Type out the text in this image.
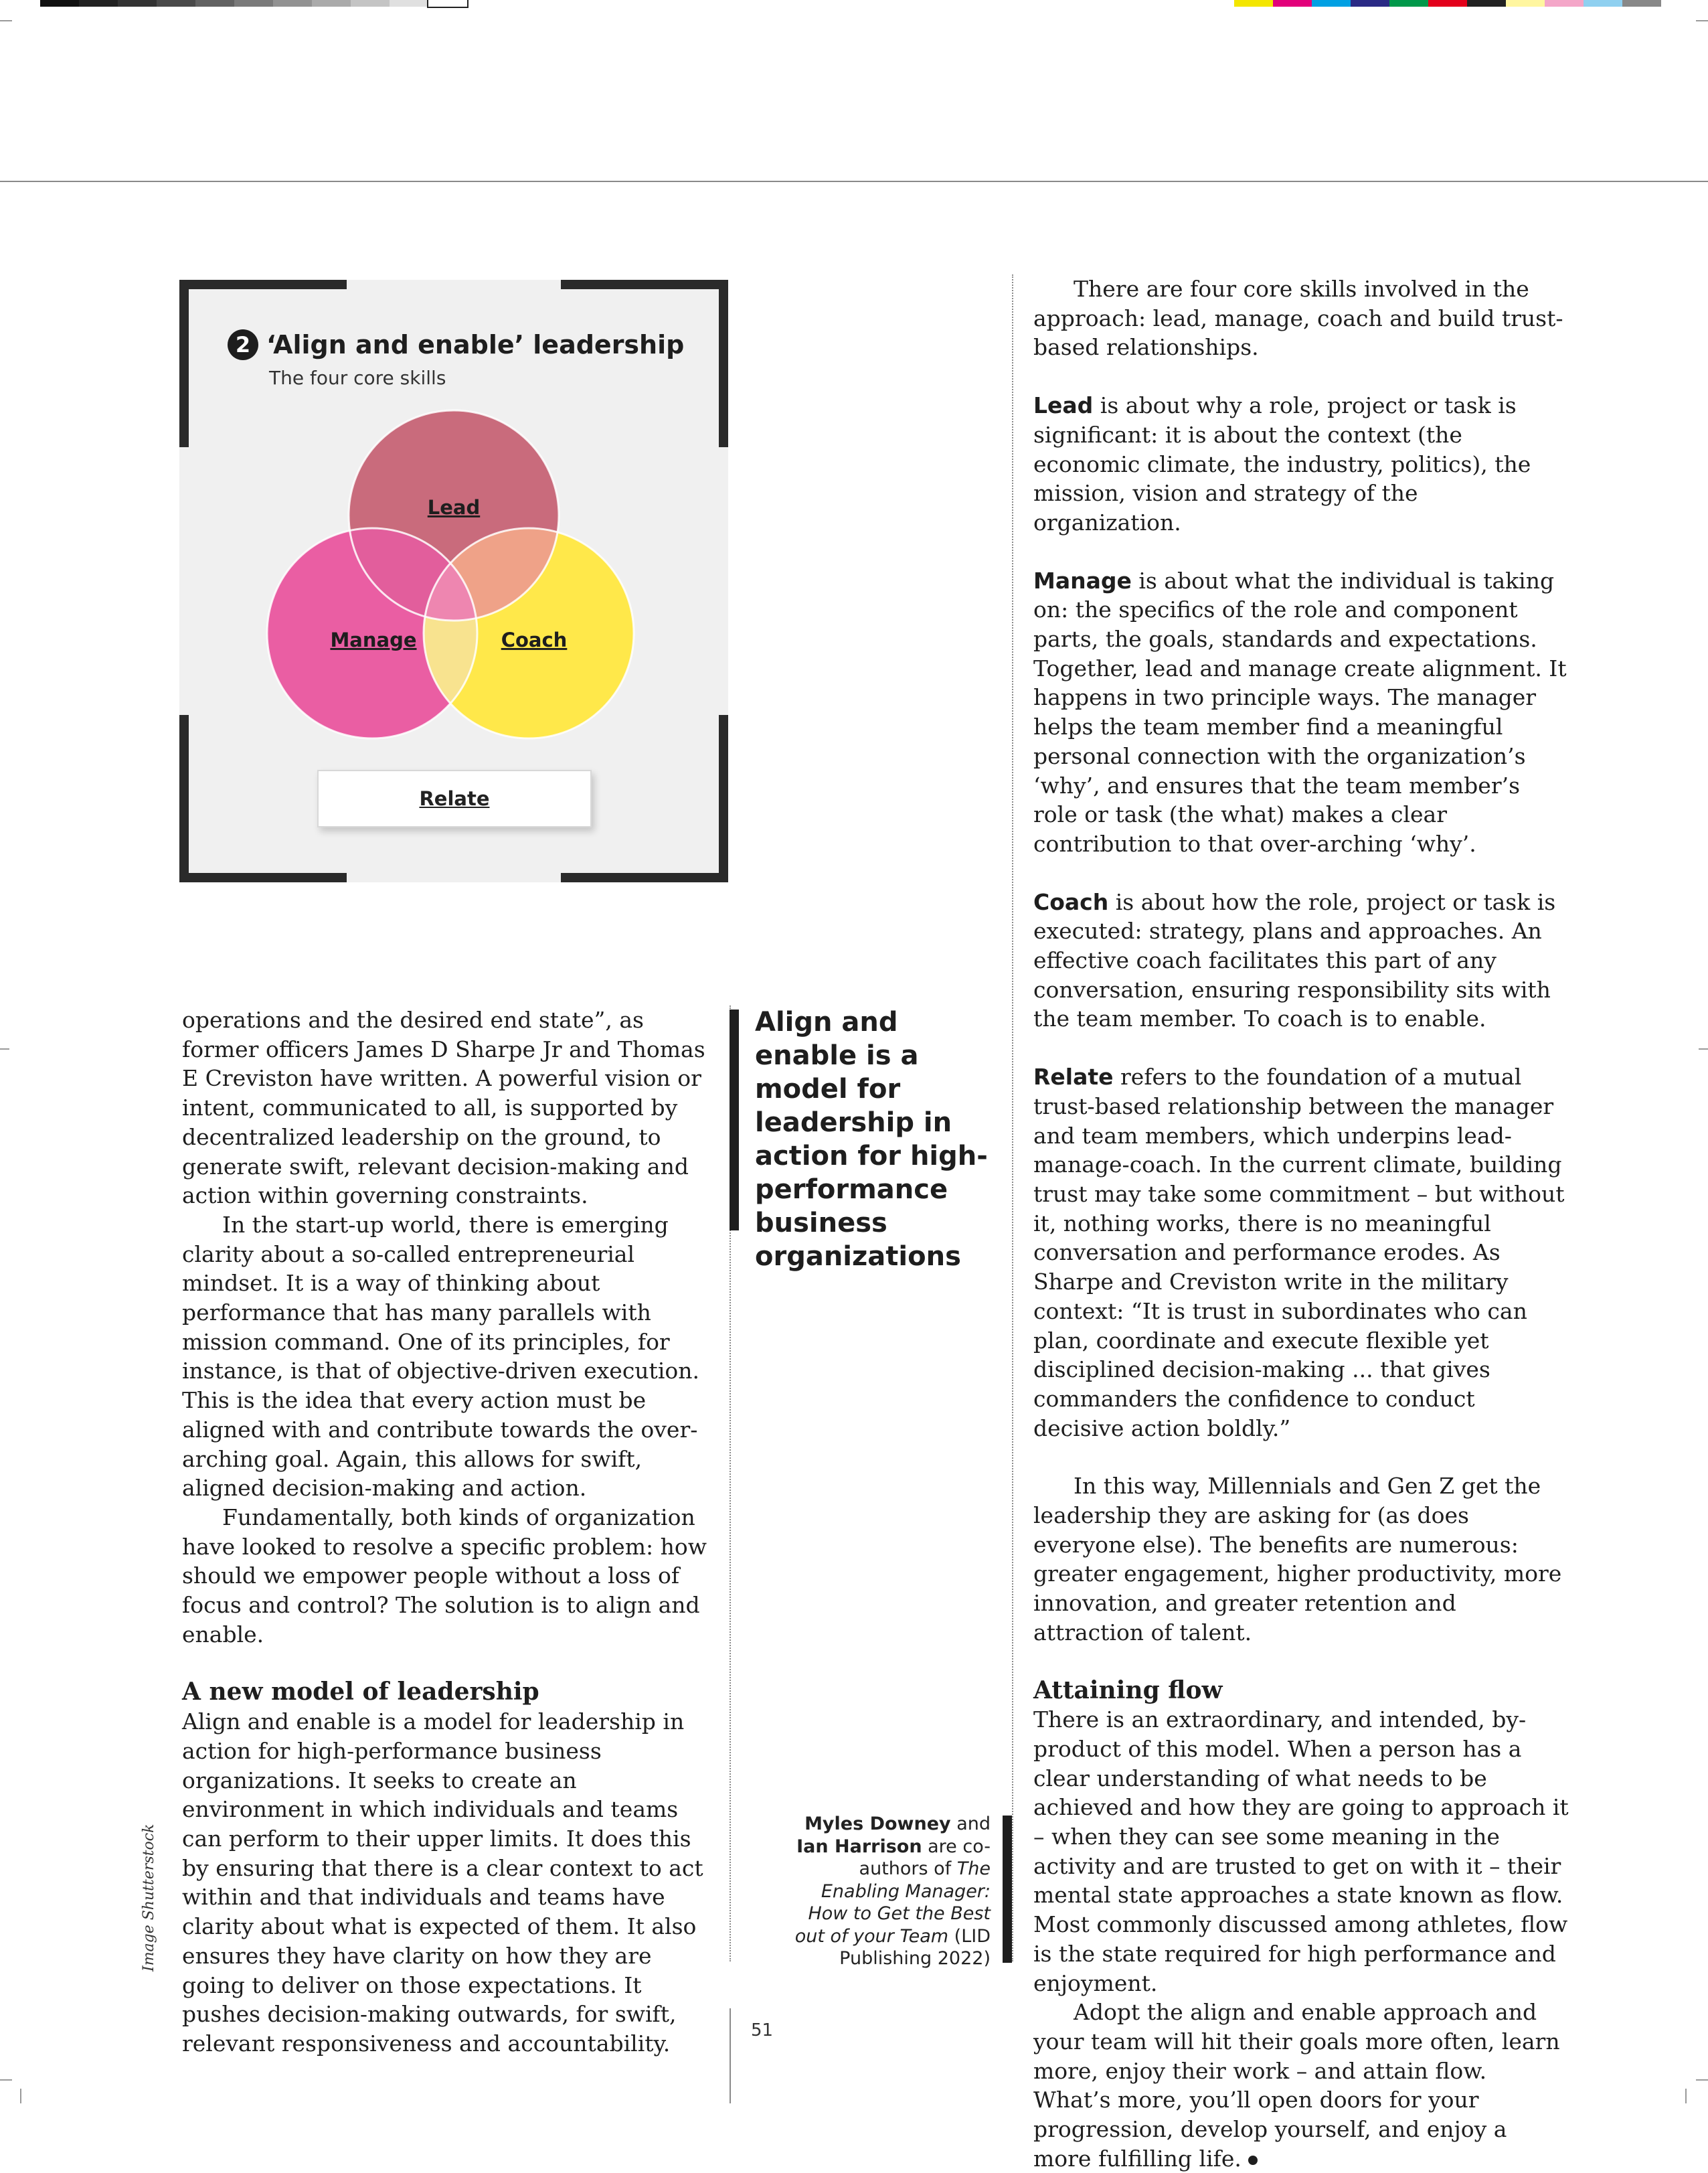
2 ‘Align and enable’ leadership
The four core skills
Lead
Manage	Coach
Relate

operations and the desired end state”, as former officers James D Sharpe Jr and Thomas E Creviston have written. A powerful vision or intent, communicated to all, is supported by decentralized leadership on the ground, to generate swift, relevant decision-making and action within governing constraints.

In the start-up world, there is emerging clarity about a so-called entrepreneurial mindset. It is a way of thinking about performance that has many parallels with mission command. One of its principles, for instance, is that of objective-driven execution. This is the idea that every action must be aligned with and contribute towards the over-arching goal. Again, this allows for swift, aligned decision-making and action.

Fundamentally, both kinds of organization have looked to resolve a specific problem: how should we empower people without a loss of focus and control? The solution is to align and enable.

A new model of leadership

Align and enable is a model for leadership in action for high-performance business organizations. It seeks to create an environment in which individuals and teams can perform to their upper limits. It does this by ensuring that there is a clear context to act within and that individuals and teams have clarity about what is expected of them. It also ensures they have clarity on how they are going to deliver on those expectations. It pushes decision-making outwards, for swift, relevant responsiveness and accountability.

Align and enable is a model for leadership in action for high-performance business organizations
Myles Downey and Ian Harrison are co-authors of The Enabling Manager: How to Get the Best out of your Team (LID Publishing 2022)

There are four core skills involved in the approach: lead, manage, coach and build trust-based relationships.

Lead is about why a role, project or task is significant: it is about the context (the economic climate, the industry, politics), the mission, vision and strategy of the organization.

Manage is about what the individual is taking on: the specifics of the role and component parts, the goals, standards and expectations. Together, lead and manage create alignment. It happens in two principle ways. The manager helps the team member find a meaningful personal connection with the organization’s ‘why’, and ensures that the team member’s role or task (the what) makes a clear contribution to that over-arching ‘why’.

Coach is about how the role, project or task is executed: strategy, plans and approaches. An effective coach facilitates this part of any conversation, ensuring responsibility sits with the team member. To coach is to enable.

Relate refers to the foundation of a mutual trust-based relationship between the manager and team members, which underpins lead-manage-coach. In the current climate, building trust may take some commitment – but without it, nothing works, there is no meaningful conversation and performance erodes. As Sharpe and Creviston write in the military context: “It is trust in subordinates who can plan, coordinate and execute flexible yet disciplined decision-making ... that gives commanders the confidence to conduct decisive action boldly.”

In this way, Millennials and Gen Z get the leadership they are asking for (as does everyone else). The benefits are numerous: greater engagement, higher productivity, more innovation, and greater retention and attraction of talent.

Attaining flow

There is an extraordinary, and intended, by-product of this model. When a person has a clear understanding of what needs to be achieved and how they are going to approach it – when they can see some meaning in the activity and are trusted to get on with it – their mental state approaches a state known as flow. Most commonly discussed among athletes, flow is the state required for high performance and enjoyment.

Adopt the align and enable approach and your team will hit their goals more often, learn more, enjoy their work – and attain flow. What’s more, you’ll open doors for your progression, develop yourself, and enjoy a more fulfilling life.

Image Shutterstock
51
